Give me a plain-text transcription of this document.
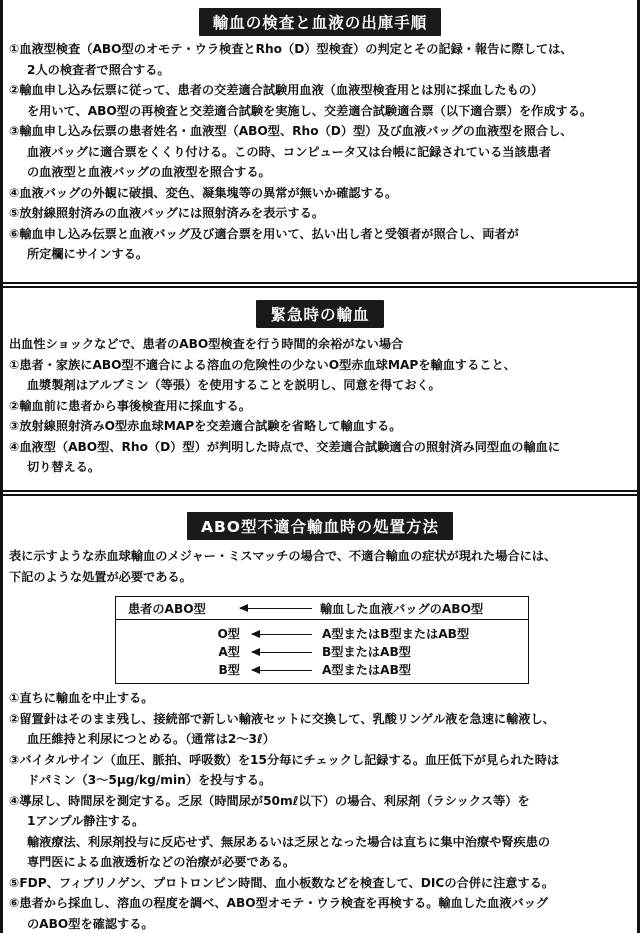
輸血の検査と血液の出庫手順
①血液型検査（ABO型のオモテ・ウラ検査とRho（D）型検査）の判定とその記録・報告に際しては、
2人の検査者で照合する。
②輸血申し込み伝票に従って、患者の交差適合試験用血液（血液型検査用とは別に採血したもの）
を用いて、ABO型の再検査と交差適合試験を実施し、交差適合試験適合票（以下適合票）を作成する。
③輸血申し込み伝票の患者姓名・血液型（ABO型、Rho（D）型）及び血液バッグの血液型を照合し、
血液バッグに適合票をくくり付ける。この時、コンピュータ又は台帳に記録されている当該患者
の血液型と血液バッグの血液型を照合する。
④血液バッグの外観に破損、変色、凝集塊等の異常が無いか確認する。
⑤放射線照射済みの血液バッグには照射済みを表示する。
⑥輸血申し込み伝票と血液バッグ及び適合票を用いて、払い出し者と受領者が照合し、両者が
所定欄にサインする。
緊急時の輸血
出血性ショックなどで、患者のABO型検査を行う時間的余裕がない場合
①患者・家族にABO型不適合による溶血の危険性の少ないO型赤血球MAPを輸血すること、
血漿製剤はアルブミン（等張）を使用することを説明し、同意を得ておく。
②輸血前に患者から事後検査用に採血する。
③放射線照射済みO型赤血球MAPを交差適合試験を省略して輸血する。
④血液型（ABO型、Rho（D）型）が判明した時点で、交差適合試験適合の照射済み同型血の輸血に
切り替える。
ABO型不適合輸血時の処置方法
表に示すような赤血球輸血のメジャー・ミスマッチの場合で、不適合輸血の症状が現れた場合には、
下記のような処置が必要である。
患者のABO型	輸血した血液バッグのABO型
O型	A型またはB型またはAB型
A型	B型またはAB型
B型	A型またはAB型
①直ちに輸血を中止する。
②留置針はそのまま残し、接続部で新しい輸液セットに交換して、乳酸リンゲル液を急速に輸液し、
血圧維持と利尿につとめる。（通常は2〜3ℓ）
③バイタルサイン（血圧、脈拍、呼吸数）を15分毎にチェックし記録する。血圧低下が見られた時は
ドパミン（3〜5μg/kg/min）を投与する。
④導尿し、時間尿を測定する。乏尿（時間尿が50mℓ以下）の場合、利尿剤（ラシックス等）を
1アンプル静注する。
輸液療法、利尿剤投与に反応せず、無尿あるいは乏尿となった場合は直ちに集中治療や腎疾患の
専門医による血液透析などの治療が必要である。
⑤FDP、フィブリノゲン、プロトロンビン時間、血小板数などを検査して、DICの合併に注意する。
⑥患者から採血し、溶血の程度を調べ、ABO型オモテ・ウラ検査を再検する。輸血した血液バッグ
のABO型を確認する。
